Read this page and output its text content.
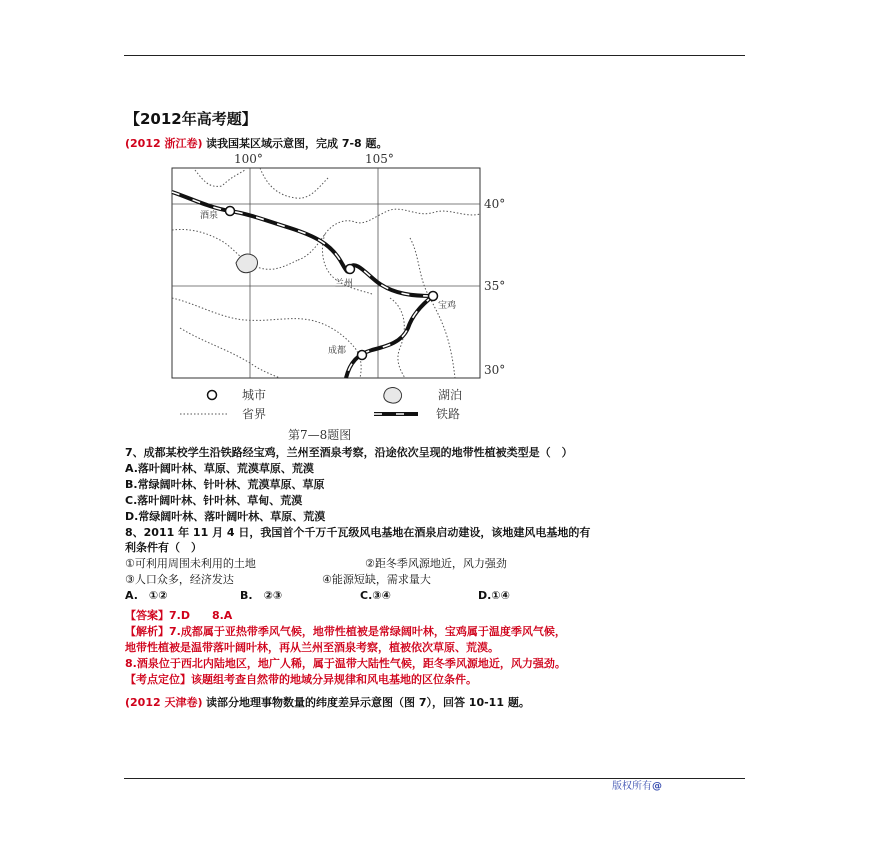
【2012年高考题】
(2012 浙江卷) 读我国某区域示意图，完成 7-8 题。
100°	105°
40°
35°
30°
酒泉
兰州
宝鸡
成都
城市	湖泊
省界	铁路
第7—8题图
7、成都某校学生沿铁路经宝鸡，兰州至酒泉考察，沿途依次呈现的地带性植被类型是（　）
A.落叶阔叶林、草原、荒漠草原、荒漠
B.常绿阔叶林、针叶林、荒漠草原、草原
C.落叶阔叶林、针叶林、草甸、荒漠
D.常绿阔叶林、落叶阔叶林、草原、荒漠
8、2011 年 11 月 4 日，我国首个千万千瓦级风电基地在酒泉启动建设，该地建风电基地的有
利条件有（　）
①可利用周围未利用的土地	②距冬季风源地近，风力强劲
③人口众多，经济发达	④能源短缺，需求量大
A.　①②	B.　②③	C.③④	D.①④
【答案】7.D　　8.A
【解析】7.成都属于亚热带季风气候，地带性植被是常绿阔叶林，宝鸡属于温度季风气候，
地带性植被是温带落叶阔叶林，再从兰州至酒泉考察，植被依次草原、荒漠。
8.酒泉位于西北内陆地区，地广人稀，属于温带大陆性气候，距冬季风源地近，风力强劲。
【考点定位】该题组考查自然带的地域分异规律和风电基地的区位条件。
(2012 天津卷) 读部分地理事物数量的纬度差异示意图（图 7），回答 10-11 题。
版权所有@
